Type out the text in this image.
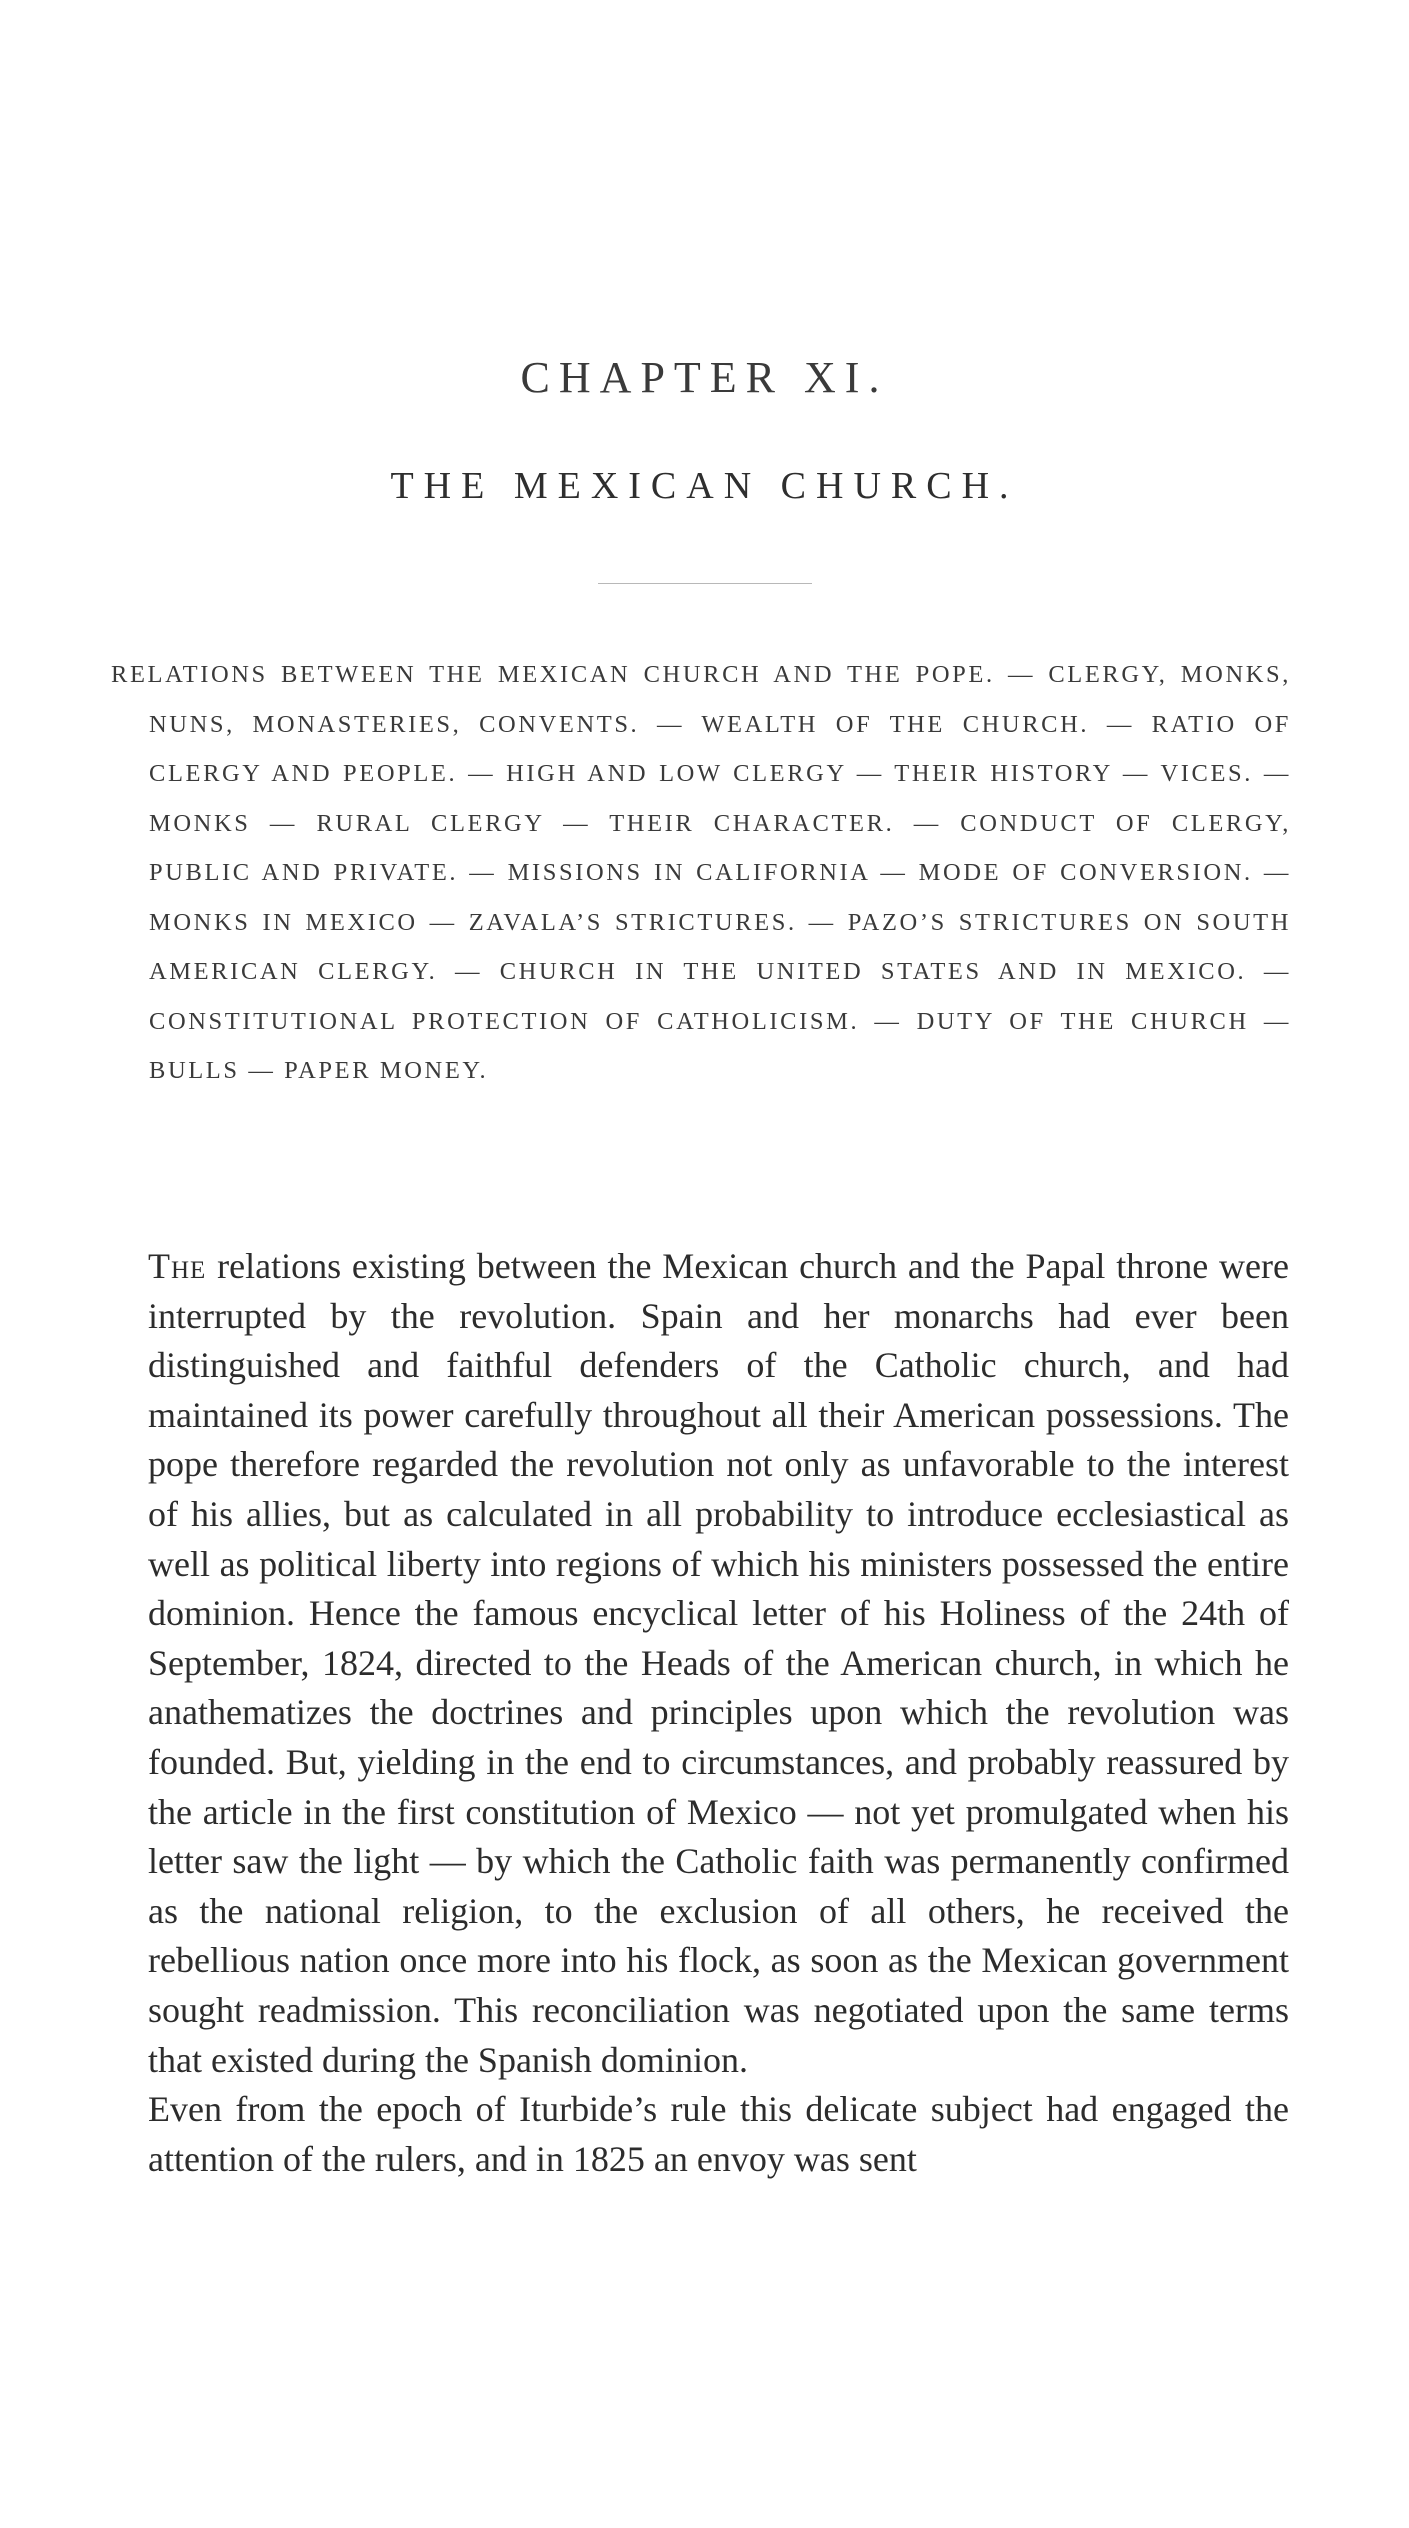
CHAPTER XI.
THE MEXICAN CHURCH.

RELATIONS BETWEEN THE MEXICAN CHURCH AND THE POPE. — CLERGY, MONKS, NUNS, MONASTERIES, CONVENTS. — WEALTH OF THE CHURCH. — RATIO OF CLERGY AND PEOPLE. — HIGH AND LOW CLERGY — THEIR HISTORY — VICES. — MONKS — RURAL CLERGY — THEIR CHARACTER. — CONDUCT OF CLERGY, PUBLIC AND PRIVATE. — MISSIONS IN CALIFORNIA — MODE OF CONVERSION. — MONKS IN MEXICO — ZAVALA’S STRICTURES. — PAZO’S STRICTURES ON SOUTH AMERICAN CLERGY. — CHURCH IN THE UNITED STATES AND IN MEXICO. — CONSTITUTIONAL PROTECTION OF CATHOLICISM. — DUTY OF THE CHURCH — BULLS — PAPER MONEY.

The relations existing between the Mexican church and the Papal throne were interrupted by the revolution. Spain and her monarchs had ever been distinguished and faithful defenders of the Catholic church, and had maintained its power carefully throughout all their American possessions. The pope therefore regarded the revolution not only as unfavorable to the interest of his allies, but as calculated in all probability to introduce ecclesiastical as well as political liberty into regions of which his ministers possessed the entire dominion. Hence the famous encyclical letter of his Holiness of the 24th of September, 1824, directed to the Heads of the American church, in which he anathematizes the doctrines and principles upon which the revolution was founded. But, yielding in the end to circumstances, and probably reassured by the article in the first constitution of Mexico — not yet promulgated when his letter saw the light — by which the Catholic faith was permanently confirmed as the national religion, to the exclusion of all others, he received the rebellious nation once more into his flock, as soon as the Mexican government sought readmission. This reconciliation was negotiated upon the same terms that existed during the Spanish dominion.

Even from the epoch of Iturbide’s rule this delicate subject had engaged the attention of the rulers, and in 1825 an envoy was sent
